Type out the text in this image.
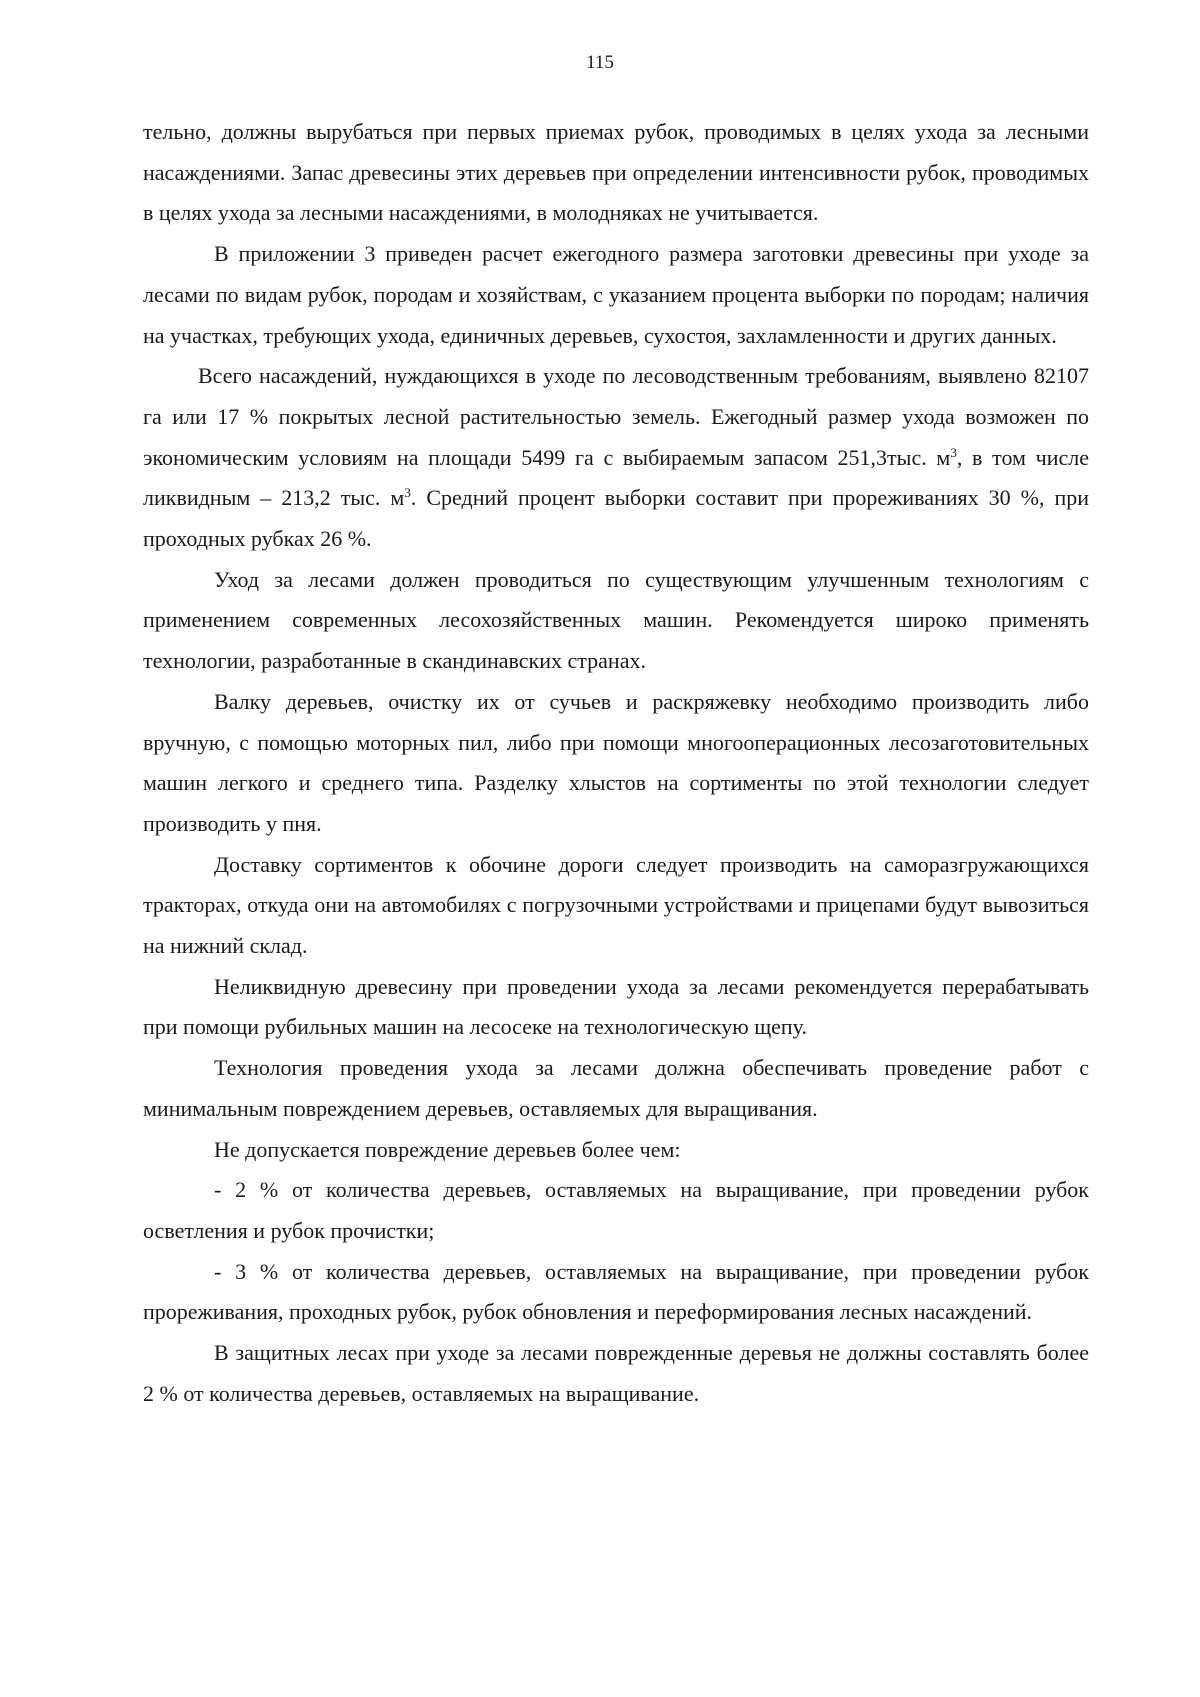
115

тельно, должны вырубаться при первых приемах рубок, проводимых в целях ухода за лесными насаждениями. Запас древесины этих деревьев при определении интенсивности рубок, проводимых в целях ухода за лесными насаждениями, в молодняках не учитывается.

В приложении 3 приведен расчет ежегодного размера заготовки древесины при уходе за лесами по видам рубок, породам и хозяйствам, с указанием процента выборки по породам; наличия на участках, требующих ухода, единичных деревьев, сухостоя, захламленности и других данных.

Всего насаждений, нуждающихся в уходе по лесоводственным требованиям, выявлено 82107 га или 17 % покрытых лесной растительностью земель. Ежегодный размер ухода возможен по экономическим условиям на площади 5499 га с выбираемым запасом 251,3тыс. $м^3$, в том числе ликвидным – 213,2 тыс. $м^3$. Средний процент выборки составит при прореживаниях 30 %, при проходных рубках 26 %.

Уход за лесами должен проводиться по существующим улучшенным технологиям с применением современных лесохозяйственных машин. Рекомендуется широко применять технологии, разработанные в скандинавских странах.

Валку деревьев, очистку их от сучьев и раскряжевку необходимо производить либо вручную, с помощью моторных пил, либо при помощи многооперационных лесозаготовительных машин легкого и среднего типа. Разделку хлыстов на сортименты по этой технологии следует производить у пня.

Доставку сортиментов к обочине дороги следует производить на саморазгружающихся тракторах, откуда они на автомобилях с погрузочными устройствами и прицепами будут вывозиться на нижний склад.

Неликвидную древесину при проведении ухода за лесами рекомендуется перерабатывать при помощи рубильных машин на лесосеке на технологическую щепу.

Технология проведения ухода за лесами должна обеспечивать проведение работ с минимальным повреждением деревьев, оставляемых для выращивания.

Не допускается повреждение деревьев более чем:

- 2 % от количества деревьев, оставляемых на выращивание, при проведении рубок осветления и рубок прочистки;

- 3 % от количества деревьев, оставляемых на выращивание, при проведении рубок прореживания, проходных рубок, рубок обновления и переформирования лесных насаждений.

В защитных лесах при уходе за лесами поврежденные деревья не должны составлять более 2 % от количества деревьев, оставляемых на выращивание.
